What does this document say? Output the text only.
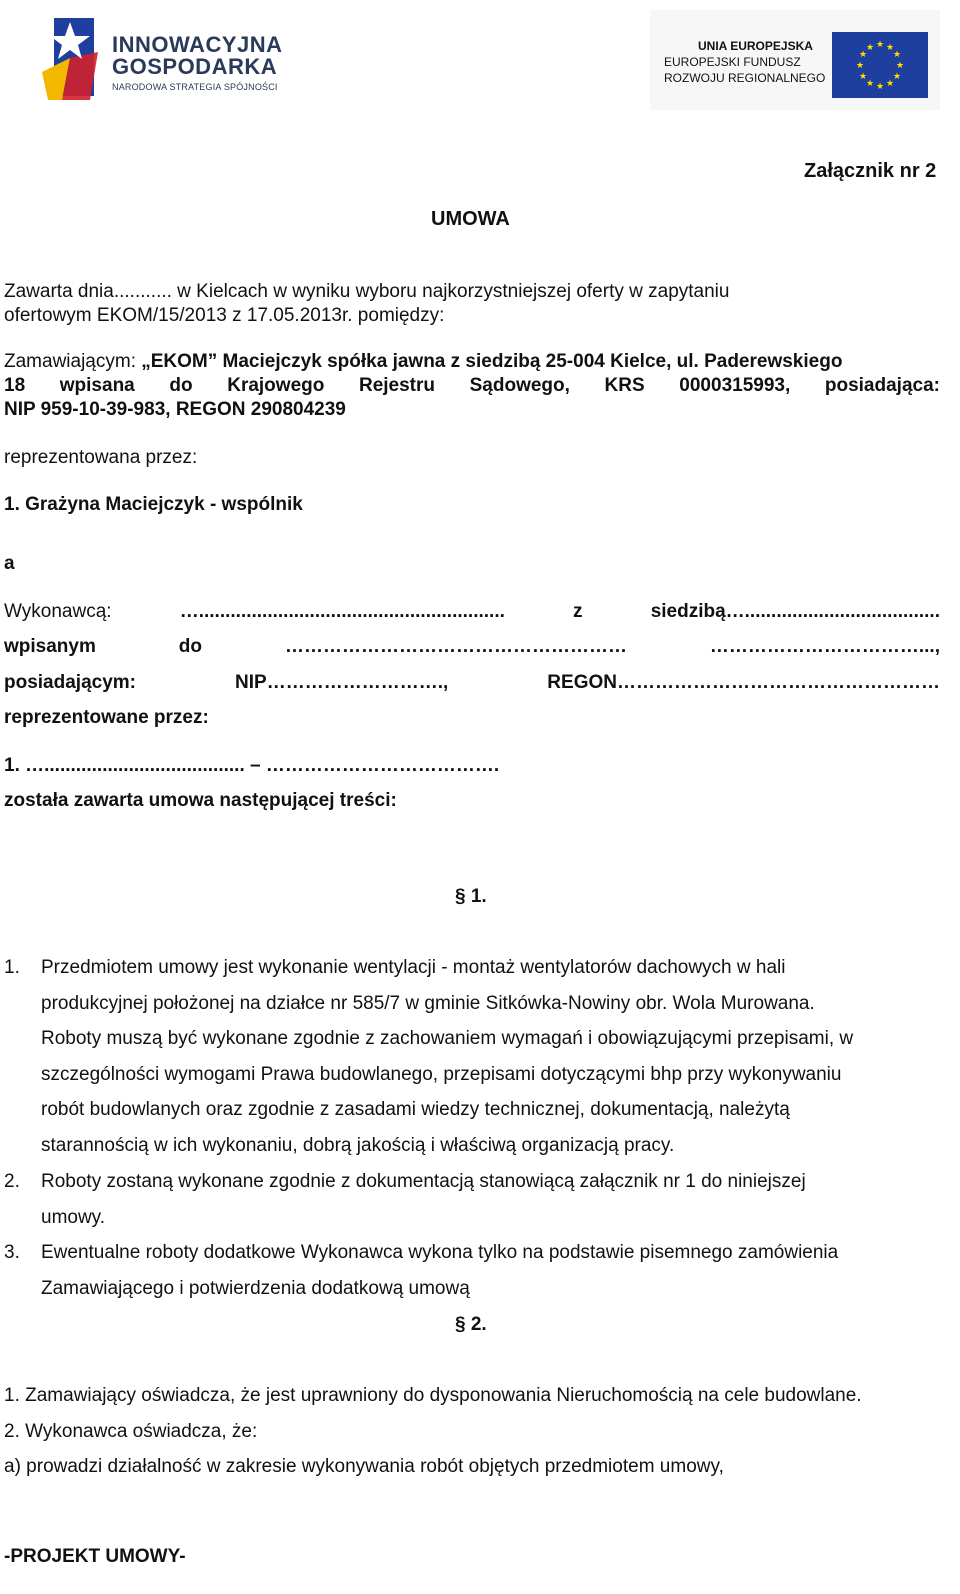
INNOWACYJNA
GOSPODARKA
NARODOWA STRATEGIA SPÓJNOŚCI
UNIA EUROPEJSKA
EUROPEJSKI FUNDUSZ
ROZWOJU REGIONALNEGO
★ ★
★
★
★
★
★
★
★
★
★
★
Załącznik nr 2
UMOWA
Zawarta dnia........... w Kielcach w wyniku wyboru najkorzystniejszej oferty w zapytaniu
ofertowym EKOM/15/2013 z 17.05.2013r. pomiędzy:
Zamawiającym: „EKOM” Maciejczyk spółka jawna z siedzibą 25-004 Kielce, ul. Paderewskiego
18 wpisana do Krajowego Rejestru Sądowego, KRS 0000315993, posiadająca:
NIP 959-10-39-983, REGON 290804239
reprezentowana przez:
1. Grażyna Maciejczyk - wspólnik
a
Wykonawcą:	…..........................................................	z	siedzibą….....................................
wpisanym	do	………………………………………………	……………………………...,
posiadającym:	NIP……………………….,	REGON……………………………………………
reprezentowane przez:
1. …...................................... – ……………………………….
została zawarta umowa następującej treści:
§ 1.
1. Przedmiotem umowy jest wykonanie wentylacji - montaż wentylatorów dachowych w hali
produkcyjnej położonej na działce nr 585/7 w gminie Sitkówka-Nowiny obr. Wola Murowana.
Roboty muszą być wykonane zgodnie z zachowaniem wymagań i obowiązującymi przepisami, w
szczególności wymogami Prawa budowlanego, przepisami dotyczącymi bhp przy wykonywaniu
robót budowlanych oraz zgodnie z zasadami wiedzy technicznej, dokumentacją, należytą
starannością w ich wykonaniu, dobrą jakością i właściwą organizacją pracy.
2. Roboty zostaną wykonane zgodnie z dokumentacją stanowiącą załącznik nr 1 do niniejszej
umowy.
3. Ewentualne roboty dodatkowe Wykonawca wykona tylko na podstawie pisemnego zamówienia
Zamawiającego i potwierdzenia dodatkową umową
§ 2.
1. Zamawiający oświadcza, że jest uprawniony do dysponowania Nieruchomością na cele budowlane.
2. Wykonawca oświadcza, że:
a) prowadzi działalność w zakresie wykonywania robót objętych przedmiotem umowy,
-PROJEKT UMOWY-
